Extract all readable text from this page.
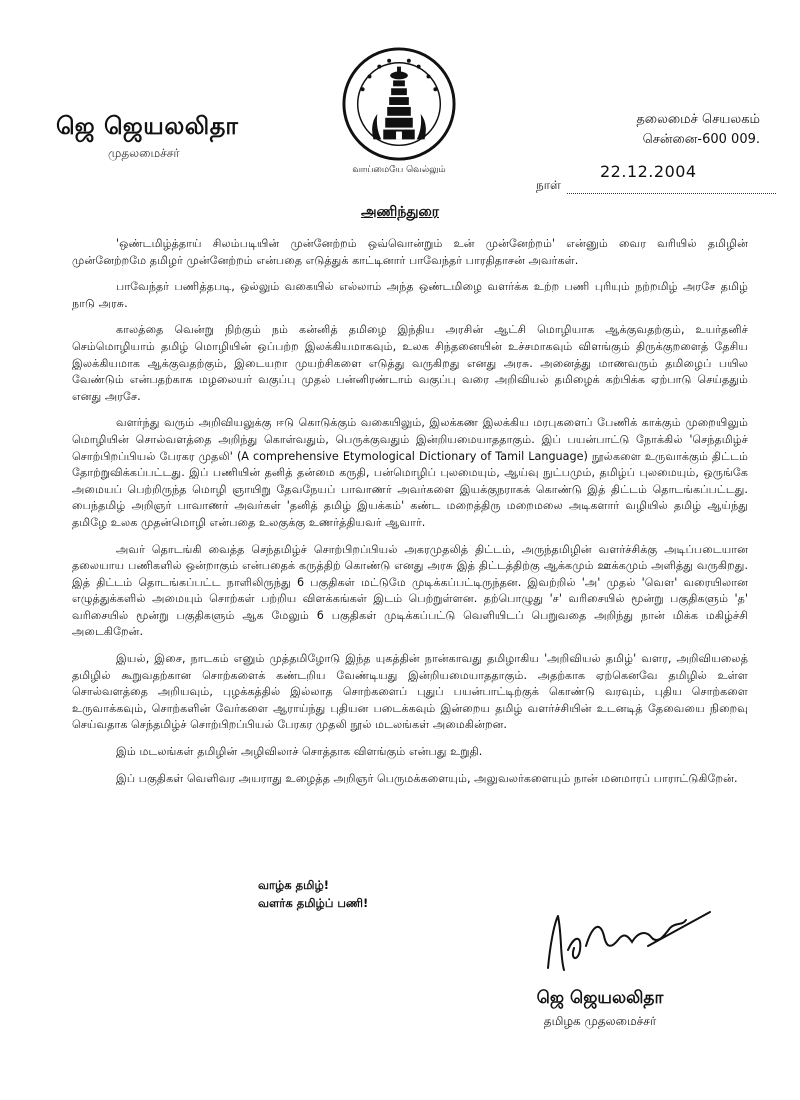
ஜெ ஜெயலலிதா
முதலமைச்சர்
வாய்மையே வெல்லும்
தலைமைச் செயலகம்
சென்னை-600 009.
22.12.2004
நாள்
அணிந்துரை

'ஒண்டமிழ்த்தாய் சிலம்படியின் முன்னேற்றம் ஒவ்வொன்றும் உன் முன்னேற்றம்' என்னும் வைர வரியில் தமிழின் முன்னேற்றமே தமிழர் முன்னேற்றம் என்பதை எடுத்துக் காட்டினார் பாவேந்தர் பாரதிதாசன் அவர்கள்.

பாவேந்தர் பணித்தபடி, ஒல்லும் வகையில் எல்லாம் அந்த ஒண்டமிழை வளர்க்க உற்ற பணி புரியும் நற்றமிழ் அரசே தமிழ் நாடு அரசு.

காலத்தை வென்று நிற்கும் நம் கன்னித் தமிழை இந்திய அரசின் ஆட்சி மொழியாக ஆக்குவதற்கும், உயர்தனிச் செம்மொழியாம் தமிழ் மொழியின் ஒப்பற்ற இலக்கியமாகவும், உலக சிந்தனையின் உச்சமாகவும் விளங்கும் திருக்குறளைத் தேசிய இலக்கியமாக ஆக்குவதற்கும், இடையறா முயற்சிகளை எடுத்து வருகிறது எனது அரசு. அனைத்து மாணவரும் தமிழைப் பயில வேண்டும் என்பதற்காக மழலையர் வகுப்பு முதல் பன்னிரண்டாம் வகுப்பு வரை அறிவியல் தமிழைக் கற்பிக்க ஏற்பாடு செய்ததும் எனது அரசே.

வளர்ந்து வரும் அறிவியலுக்கு ஈடு கொடுக்கும் வகையிலும், இலக்கண இலக்கிய மரபுகளைப் பேணிக் காக்கும் முறையிலும் மொழியின் சொல்வளத்தை அறிந்து கொள்வதும், பெருக்குவதும் இன்றியமையாததாகும். இப் பயன்பாட்டு நோக்கில் 'செந்தமிழ்ச் சொற்பிறப்பியல் பேரகர முதலி' (A comprehensive Etymological Dictionary of Tamil Language) நூல்களை உருவாக்கும் திட்டம் தோற்றுவிக்கப்பட்டது. இப் பணியின் தனித் தன்மை கருதி, பன்மொழிப் புலமையும், ஆய்வு நுட்பமும், தமிழ்ப் புலமையும், ஒருங்கே அமையப் பெற்றிருந்த மொழி ஞாயிறு தேவநேயப் பாவாணர் அவர்களை இயக்குநராகக் கொண்டு இத் திட்டம் தொடங்கப்பட்டது. பைந்தமிழ் அறிஞர் பாவாணர் அவர்கள் 'தனித் தமிழ் இயக்கம்' கண்ட மறைத்திரு மறைமலை அடிகளார் வழியில் தமிழ் ஆய்ந்து தமிழே உலக முதன்மொழி என்பதை உலகுக்கு உணர்த்தியவர் ஆவார்.

அவர் தொடங்கி வைத்த செந்தமிழ்ச் சொற்பிறப்பியல் அகரமுதலித் திட்டம், அருந்தமிழின் வளர்ச்சிக்கு அடிப்படையான தலையாய பணிகளில் ஒன்றாகும் என்பதைக் கருத்திற் கொண்டு எனது அரசு இத் திட்டத்திற்கு ஆக்கமும் ஊக்கமும் அளித்து வருகிறது. இத் திட்டம் தொடங்கப்பட்ட நாளிலிருந்து 6 பகுதிகள் மட்டுமே முடிக்கப்பட்டிருந்தன. இவற்றில் 'அ' முதல் 'வெள' வரையிலான எழுத்துக்களில் அமையும் சொற்கள் பற்றிய விளக்கங்கள் இடம் பெற்றுள்ளன. தற்பொழுது 'ச' வரிசையில் மூன்று பகுதிகளும் 'த' வரிசையில் மூன்று பகுதிகளும் ஆக மேலும் 6 பகுதிகள் முடிக்கப்பட்டு வெளியிடப் பெறுவதை அறிந்து நான் மிக்க மகிழ்ச்சி அடைகிறேன்.

இயல், இசை, நாடகம் எனும் முத்தமிழோடு இந்த யுகத்தின் நான்காவது தமிழாகிய 'அறிவியல் தமிழ்' வளர, அறிவியலைத் தமிழில் கூறுவதற்கான சொற்களைக் கண்டறிய வேண்டியது இன்றியமையாததாகும். அதற்காக ஏற்கெனவே தமிழில் உள்ள சொல்வளத்தை அறியவும், புழக்கத்தில் இல்லாத சொற்களைப் புதுப் பயன்பாட்டிற்குக் கொண்டு வரவும், புதிய சொற்களை உருவாக்கவும், சொற்களின் வேர்களை ஆராய்ந்து புதியன படைக்கவும் இன்றைய தமிழ் வளர்ச்சியின் உடனடித் தேவையை நிறைவு செய்வதாக செந்தமிழ்ச் சொற்பிறப்பியல் பேரகர முதலி நூல் மடலங்கள் அமைகின்றன.

இம் மடலங்கள் தமிழின் அழிவிலாச் சொத்தாக விளங்கும் என்பது உறுதி.

இப் பகுதிகள் வெளிவர அயராது உழைத்த அறிஞர் பெருமக்களையும், அலுவலர்களையும் நான் மனமாரப் பாராட்டுகிறேன்.

வாழ்க தமிழ்!
வளர்க தமிழ்ப் பணி!
ஜெ ஜெயலலிதா
தமிழக முதலமைச்சர்
